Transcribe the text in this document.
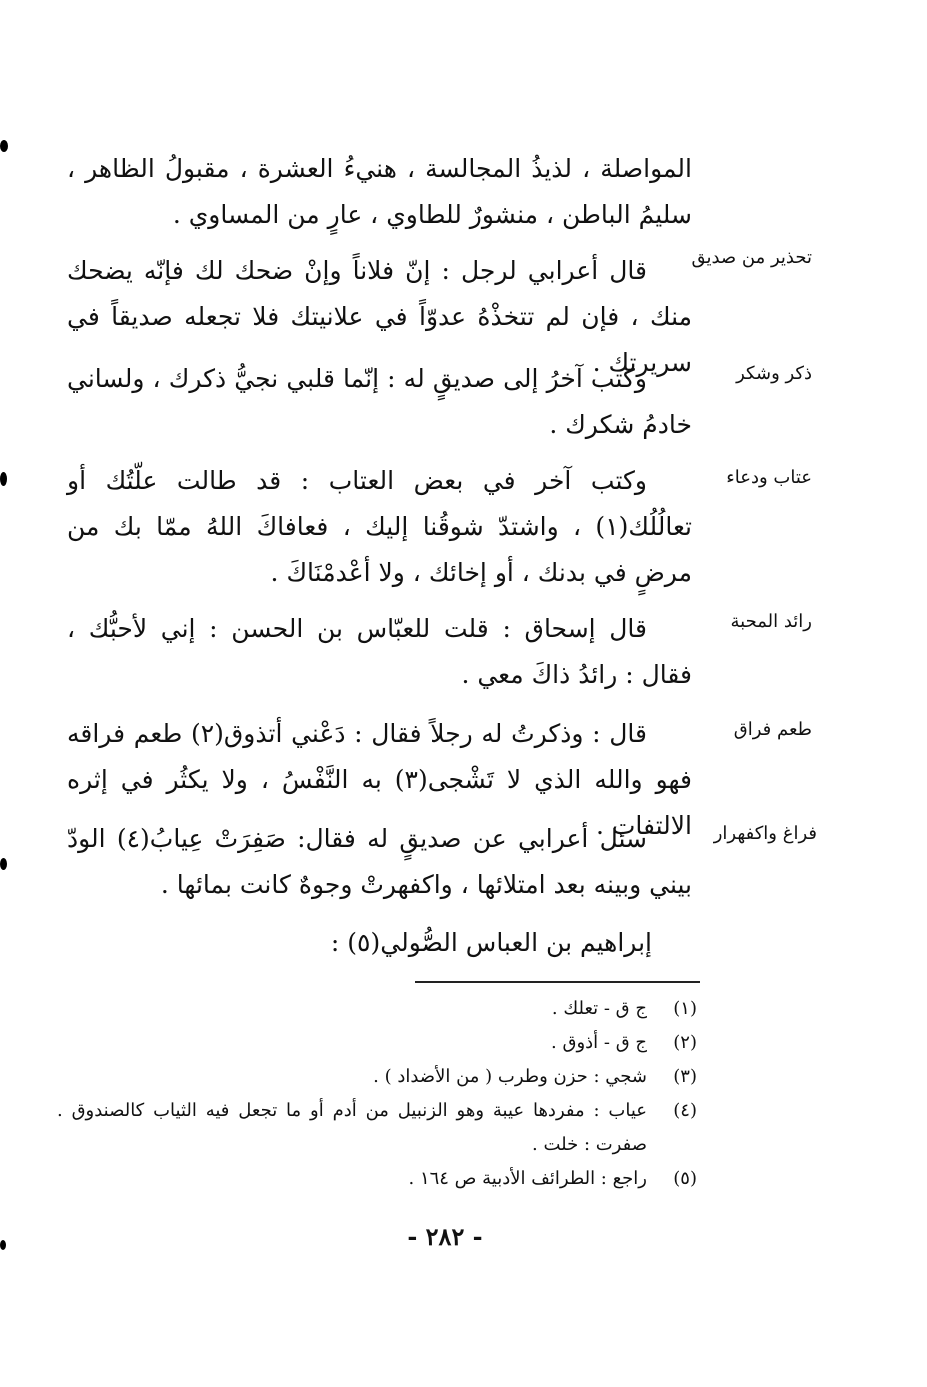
المواصلة ، لذيذُ المجالسة ، هنيءُ العشرة ، مقبولُ الظاهر ، سليمُ الباطن ، منشورٌ للطاوي ، عارٍ من المساوي .
تحذير من صديق
قال أعرابي لرجل : إنّ فلاناً وإنْ ضحك لك فإنّه يضحك منك ، فإن لم تتخذْهُ عدوّاً في علانيتك فلا تجعله صديقاً في سريرتك .	ذكر وشكر
وكتب آخرُ إلى صديقٍ له : إنّما قلبي نجيُّ ذكرك ، ولساني خادمُ شكرك .
عتاب ودعاء
وكتب آخر في بعض العتاب : قد طالت علّتُك أو تعالُلُك(١) ، واشتدّ شوقُنا إليك ، فعافاكَ اللهُ ممّا بك من مرضٍ في بدنك ، أو إخائك ، ولا أعْدمْنَاكَ .
رائد المحبة
قال إسحاق : قلت للعبّاس بن الحسن : إني لأحبُّك ، فقال : رائدُ ذاكَ معي .
طعم فراق
قال : وذكرتُ له رجلاً فقال : دَعْني أتذوق(٢) طعم فراقه فهو والله الذي لا تَشْجى(٣) به النَّفْسُ ، ولا يكثُر في إثره الالتفات .	فراغ واكفهرار
سئل أعرابي عن صديقٍ له فقال: صَفِرَتْ عِيابُ(٤) الودّ بيني وبينه بعد امتلائها ، واكفهرتْ وجوهٌ كانت بمائها .
إبراهيم بن العباس الصُّولي(٥) :
(١)
ج ق - تعلك .
(٢)
ج ق - أذوق .
(٣)
شجي : حزن وطرب ( من الأضداد ) .
(٤)
عياب : مفردها عيبة وهو الزنبيل من أدم أو ما تجعل فيه الثياب كالصندوق . صفرت : خلت .
(٥)
راجع : الطرائف الأدبية ص ١٦٤ .
- ٢٨٢ -
